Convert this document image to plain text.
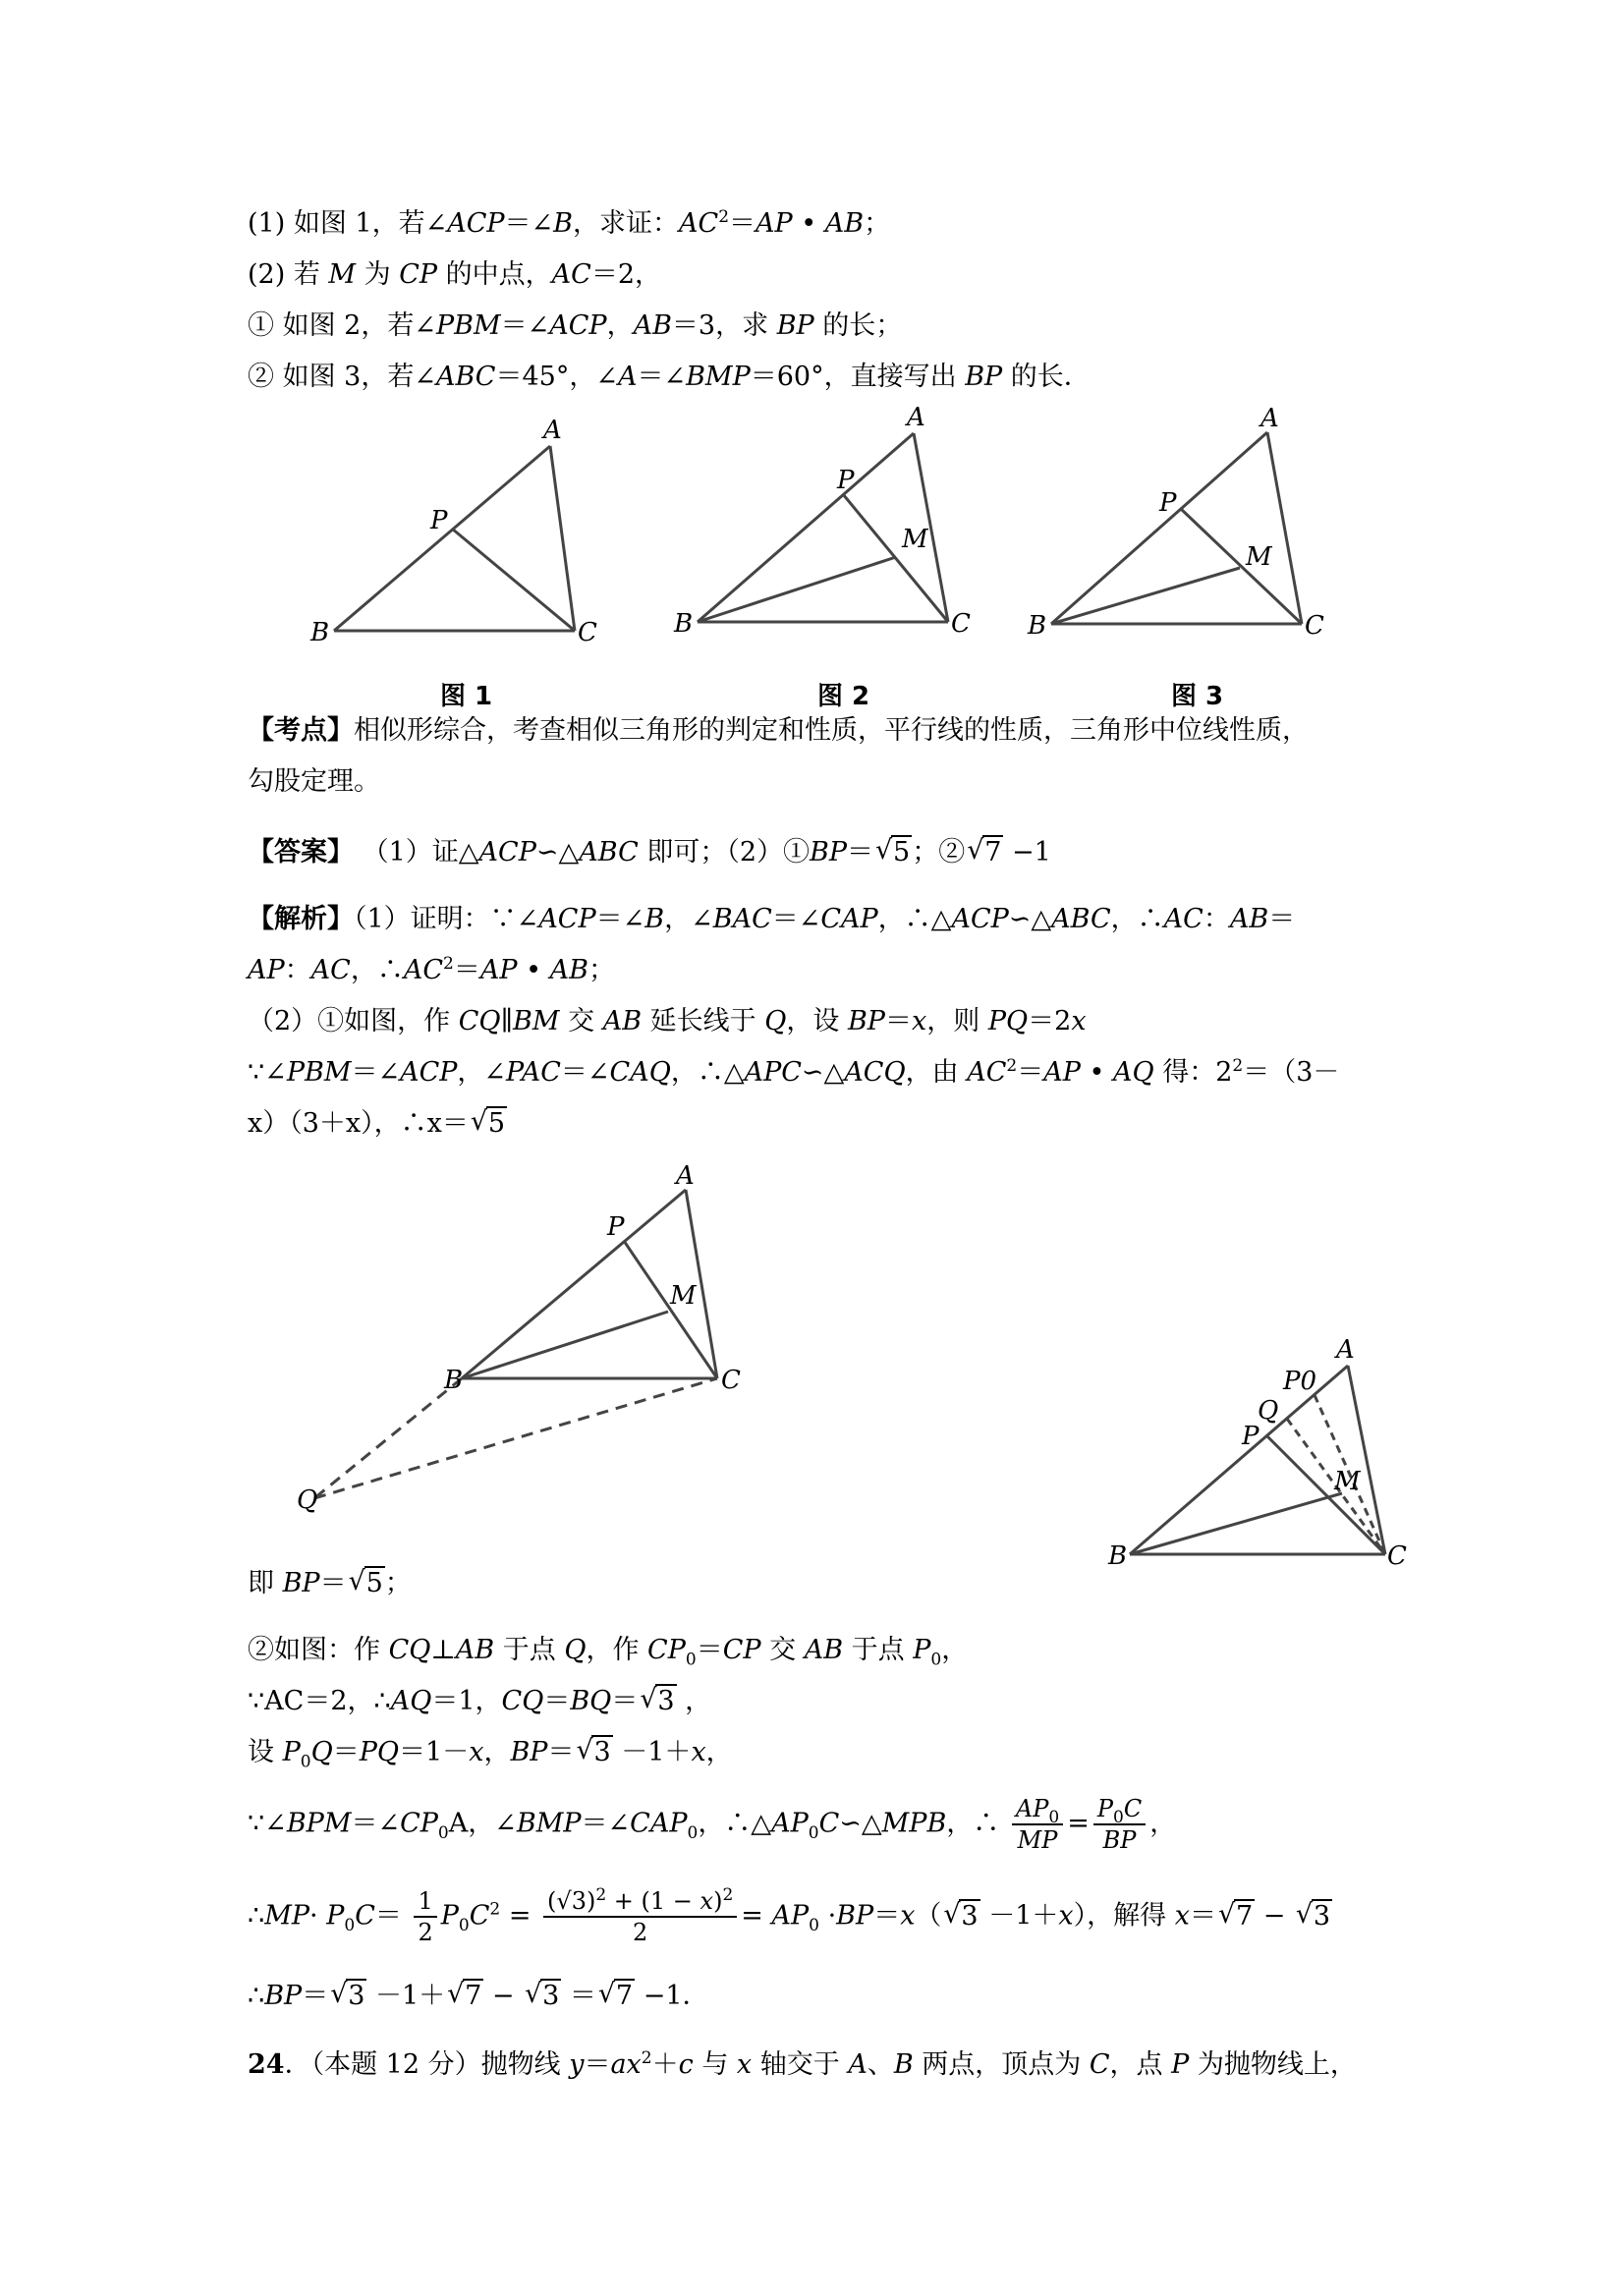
(1) 如图 1，若∠ACP＝∠B，求证：$AC^2=AP$ • AB；
(2) 若 M 为 CP 的中点，AC＝2，
① 如图 2，若∠PBM＝∠ACP，AB＝3，求 BP 的长；
② 如图 3，若∠ABC＝45°，∠A＝∠BMP＝60°，直接写出 BP 的长．
A
P
B	C
A
P
M
B	C
A
P
M
B	C
图 1	图 2	图 3
【考点】相似形综合，考查相似三角形的判定和性质，平行线的性质，三角形中位线性质，
勾股定理。
【答案】 （1）证△ACP∽△ABC 即可；（2）①BP＝√ 5；②√ 7 −1
【解析】（1）证明：∵∠ACP＝∠B，∠BAC＝∠CAP，∴△ACP∽△ABC，∴AC：AB＝
AP：AC，$\therefore AC^2=AP$ • AB；
（2）①如图，作 CQ∥BM 交 AB 延长线于 Q，设 BP＝x，则 PQ＝2x
∵∠PBM＝∠ACP，∠PAC＝∠CAQ，∴△APC∽△ACQ，由 $AC^2=AP$ • AQ 得：$2^2=(3-$
x）（3＋x），∴x＝√ 5
A
P
M
B	C
Q
A
P0
Q
P
M
B	C
即 BP＝√ 5；
②如图：作 CQ⊥AB 于点 Q，作 $CP_0=CP$ 交 AB 于点 $P_0$，
∵AC＝2，∴AQ＝1，CQ＝BQ＝√ 3 ，
设 $P_0Q=PQ=1-x$，BP＝√ 3 －1＋x，
$\because\angle BPM=\angle CP_0A$，$\angle BMP=\angle CAP_0$，$\therefore\triangle AP_0C∽\triangle MPB$，∴ $\frac{AP_0}{MP} = \frac{P_0C}{BP}$ ，
∴MP· $P_0C= \frac{1}{2} P_0C^2 = \frac{(√3)^2 + (1 - x)^2}{2} = AP_0 \cdot BP=x(√$ 3 －1＋x），解得 x＝√ 7 − √ 3
∴BP＝√ 3 －1＋√ 7 − √ 3 ＝√ 7 −1．
24．（本题 12 分）抛物线 $y=ax^2+c$ 与 x 轴交于 A、B 两点，顶点为 C，点 P 为抛物线上，
